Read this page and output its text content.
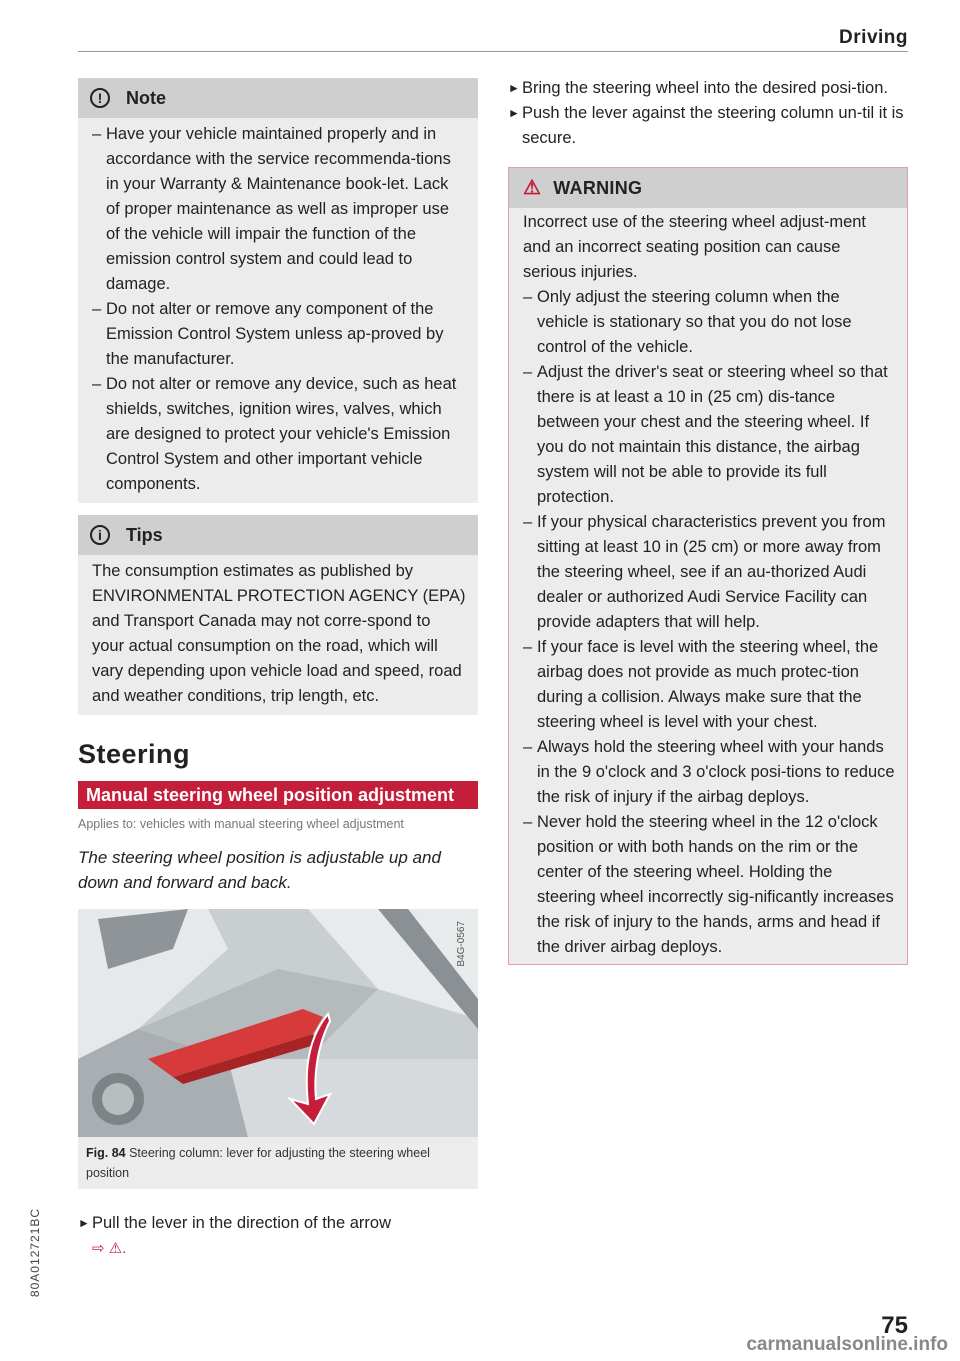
Driving
!	Note
– Have your vehicle maintained properly and in accordance with the service recommenda-tions in your Warranty & Maintenance book-let. Lack of proper maintenance as well as improper use of the vehicle will impair the function of the emission control system and could lead to damage.
– Do not alter or remove any component of the Emission Control System unless ap-proved by the manufacturer.
– Do not alter or remove any device, such as heat shields, switches, ignition wires, valves, which are designed to protect your vehicle's Emission Control System and other important vehicle components.
i	Tips

The consumption estimates as published by ENVIRONMENTAL PROTECTION AGENCY (EPA) and Transport Canada may not corre-spond to your actual consumption on the road, which will vary depending upon vehicle load and speed, road and weather conditions, trip length, etc.

Steering
Manual steering wheel position adjustment
Applies to: vehicles with manual steering wheel adjustment
The steering wheel position is adjustable up and down and forward and back.
B4G-0567
Fig. 84 Steering column: lever for adjusting the steering wheel position

► Pull the lever in the direction of the arrow

⇨ ⚠.

► Bring the steering wheel into the desired posi-tion.

► Push the lever against the steering column un-til it is secure.

⚠ WARNING

Incorrect use of the steering wheel adjust-ment and an incorrect seating position can cause serious injuries.

– Only adjust the steering column when the vehicle is stationary so that you do not lose control of the vehicle.
– Adjust the driver's seat or steering wheel so that there is at least a 10 in (25 cm) dis-tance between your chest and the steering wheel. If you do not maintain this distance, the airbag system will not be able to provide its full protection.
– If your physical characteristics prevent you from sitting at least 10 in (25 cm) or more away from the steering wheel, see if an au-thorized Audi dealer or authorized Audi Service Facility can provide adapters that will help.
– If your face is level with the steering wheel, the airbag does not provide as much protec-tion during a collision. Always make sure that the steering wheel is level with your chest.
– Always hold the steering wheel with your hands in the 9 o'clock and 3 o'clock posi-tions to reduce the risk of injury if the airbag deploys.
– Never hold the steering wheel in the 12 o'clock position or with both hands on the rim or the center of the steering wheel. Holding the steering wheel incorrectly sig-nificantly increases the risk of injury to the hands, arms and head if the driver airbag deploys.
80A012721BC
75
carmanualsonline.info
